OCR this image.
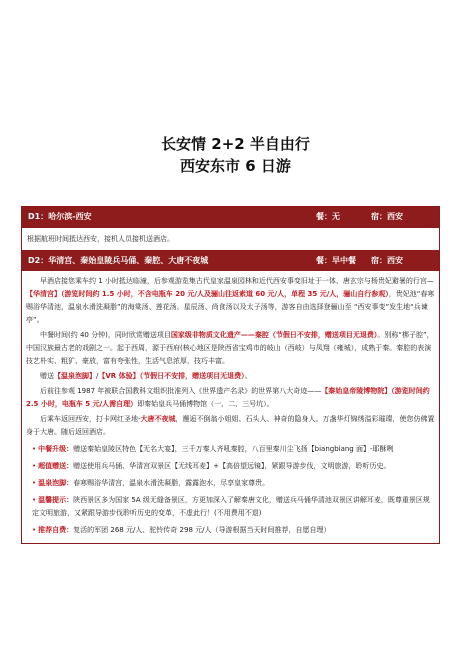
长安情 2+2 半自由行
西安东市 6 日游
D1：哈尔滨-西安	餐：无	宿：西安
根据航班时间抵达西安，接机人员接机送酒店。
D2：华清宫、秦始皇陵兵马俑、秦腔、大唐不夜城	餐：早中餐 宿：西安

早酒店接您乘车约 1 小时抵达临潼，后参观游览集古代皇家温泉园林和近代西安事变旧址于一体、唐玄宗与杨贵妃避暑的行宫—【华清宫】（游览时间约 1.5 小时，不含电瓶车 20 元/人及骊山往返索道 60 元/人，单程 35 元/人，骊山自行参观），贵妃池“春寒赐浴华清池，温泉水滑洗凝脂”的海棠汤、莲花汤、星辰汤、尚食汤以及太子汤等，游客自由选择登骊山至 “西安事变”发生地“兵谏亭”。

中餐时间(约 40 分钟)，同时欣赏赠送项目国家级非物质文化遗产——秦腔（节假日不安排，赠送项目无退费）。别称“梆子腔”，中国汉族最古老的戏剧之一。起于西周，源于西府(核心地区是陕西省宝鸡市的岐山（西岐）与凤翔（雍城），成熟于秦。秦腔的表演技艺朴实、粗犷、豪放，富有夸张性，生活气息浓厚，技巧丰富。

赠送【温泉泡脚】/【VR 体验】（节假日不安排，赠送项目无退费）。

后前往参观 1987 年被联合国教科文组织批准列入《世界遗产名录》的世界第八大奇迹——【秦始皇帝陵博物院】（游览时间约 2.5 小时，电瓶车 5 元/人需自理）即秦始皇兵马俑博物馆（一、二、三号坑）。

后乘车返回西安，打卡网红圣地-大唐不夜城，邂逅不倒翁小姐姐、石头人、神奇的隐身人。万盏华灯锦绣溢彩璀璨，使您仿佛置身于大唐。随后返回酒店。

• 中餐升级：赠送秦始皇陵区特色【无名大宴】，三千万秦人齐吼秦腔，八百里秦川尘飞扬【biangbiang 面】-耶酥咧

• 超值赠送：赠送使用兵马俑、华清宫双景区【无线耳麦】+【高倍望远镜】，紧跟导游步伐，文明旅游，聆听历史。

• 温泉泡脚：春寒赐浴华清宫，温泉水滑洗凝脂，露露泡水，尽享皇家尊贵。

• 温馨提示：陕西景区多为国家 5A 级无缝备景区，方更加深入了解秦唐文化，赠送兵马俑华清池双景区讲解耳麦，既尊重景区规定文明旅游，又紧跟导游步伐聆听历史的变革，不虚此行！(不用费用不退)

• 推荐自费：复活的军团 268 元/人、驼铃传奇 298 元/人（导游根据当天时间推荐，自愿自理）
